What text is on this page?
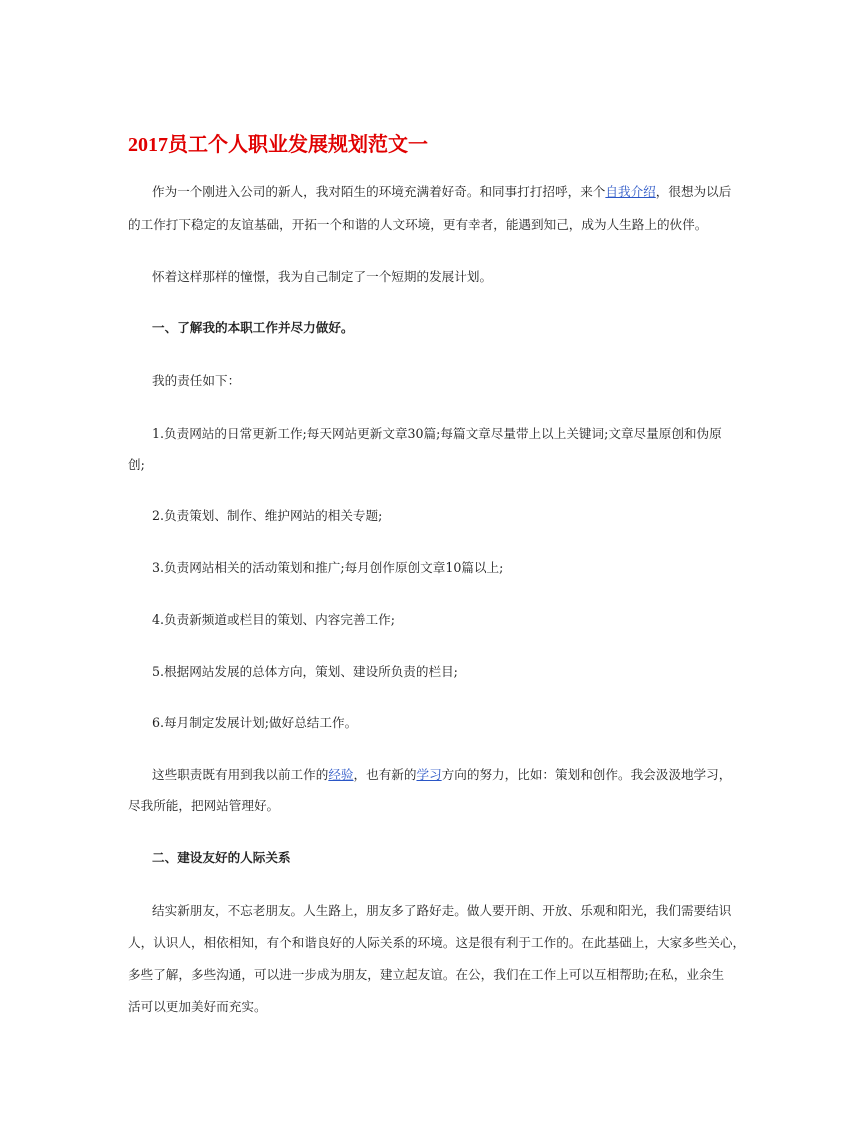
2017员工个人职业发展规划范文一
作为一个刚进入公司的新人，我对陌生的环境充满着好奇。和同事打打招呼，来个自我介绍，很想为以后
的工作打下稳定的友谊基础，开拓一个和谐的人文环境，更有幸者，能遇到知己，成为人生路上的伙伴。
怀着这样那样的憧憬，我为自己制定了一个短期的发展计划。
一、了解我的本职工作并尽力做好。
我的责任如下：
1.负责网站的日常更新工作;每天网站更新文章30篇;每篇文章尽量带上以上关键词;文章尽量原创和伪原
创;
2.负责策划、制作、维护网站的相关专题;
3.负责网站相关的活动策划和推广;每月创作原创文章10篇以上;
4.负责新频道或栏目的策划、内容完善工作;
5.根据网站发展的总体方向，策划、建设所负责的栏目;
6.每月制定发展计划;做好总结工作。
这些职责既有用到我以前工作的经验，也有新的学习方向的努力，比如：策划和创作。我会汲汲地学习，
尽我所能，把网站管理好。
二、建设友好的人际关系
结实新朋友，不忘老朋友。人生路上，朋友多了路好走。做人要开朗、开放、乐观和阳光，我们需要结识
人，认识人，相依相知，有个和谐良好的人际关系的环境。这是很有利于工作的。在此基础上，大家多些关心，
多些了解，多些沟通，可以进一步成为朋友，建立起友谊。在公，我们在工作上可以互相帮助;在私，业余生
活可以更加美好而充实。
